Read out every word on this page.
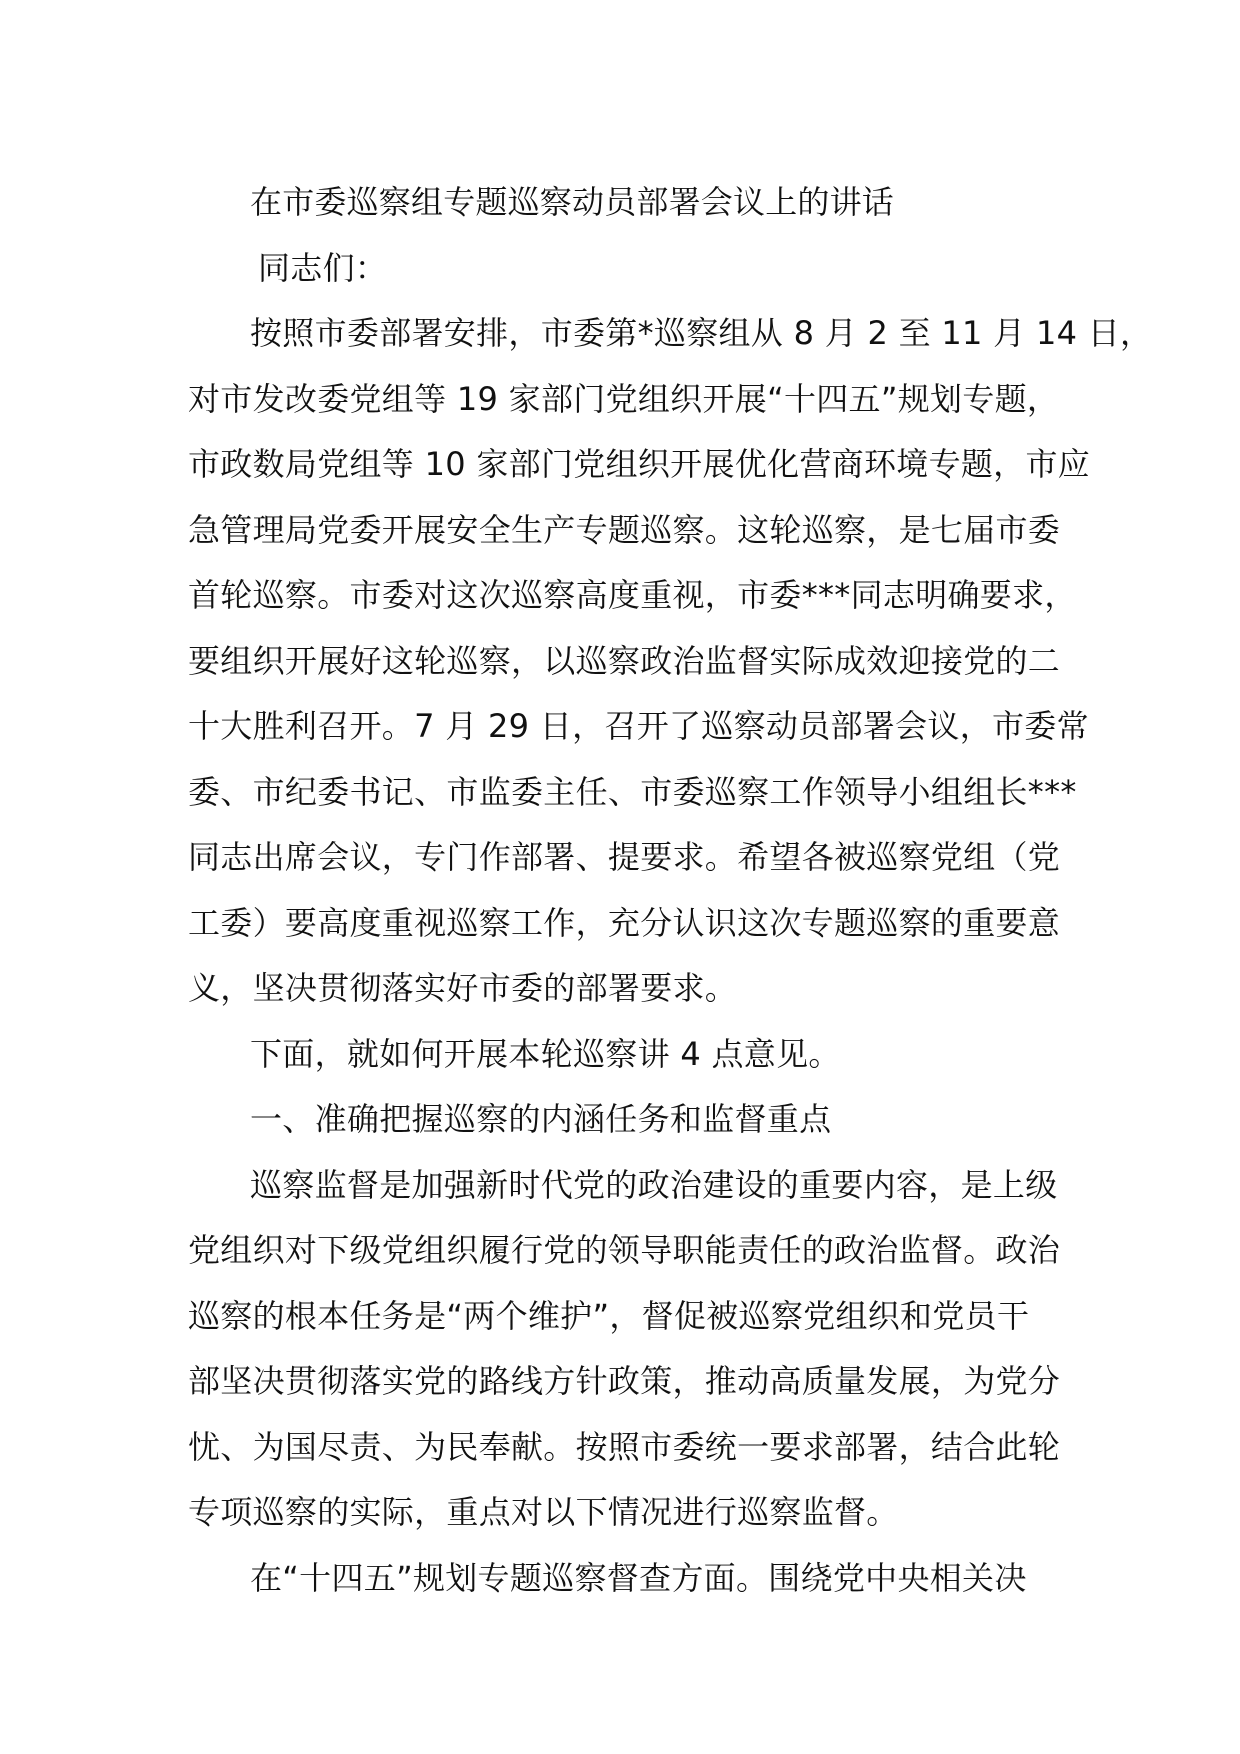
在市委巡察组专题巡察动员部署会议上的讲话
同志们：
按照市委部署安排，市委第*巡察组从 8 月 2 至 11 月 14 日，
对市发改委党组等 19 家部门党组织开展“十四五”规划专题，
市政数局党组等 10 家部门党组织开展优化营商环境专题，市应
急管理局党委开展安全生产专题巡察。这轮巡察，是七届市委
首轮巡察。市委对这次巡察高度重视，市委***同志明确要求，
要组织开展好这轮巡察，以巡察政治监督实际成效迎接党的二
十大胜利召开。7 月 29 日，召开了巡察动员部署会议，市委常
委、市纪委书记、市监委主任、市委巡察工作领导小组组长***
同志出席会议，专门作部署、提要求。希望各被巡察党组（党
工委）要高度重视巡察工作，充分认识这次专题巡察的重要意
义，坚决贯彻落实好市委的部署要求。
下面，就如何开展本轮巡察讲 4 点意见。
一、准确把握巡察的内涵任务和监督重点
巡察监督是加强新时代党的政治建设的重要内容，是上级
党组织对下级党组织履行党的领导职能责任的政治监督。政治
巡察的根本任务是“两个维护”，督促被巡察党组织和党员干
部坚决贯彻落实党的路线方针政策，推动高质量发展，为党分
忧、为国尽责、为民奉献。按照市委统一要求部署，结合此轮
专项巡察的实际，重点对以下情况进行巡察监督。
在“十四五”规划专题巡察督查方面。围绕党中央相关决
